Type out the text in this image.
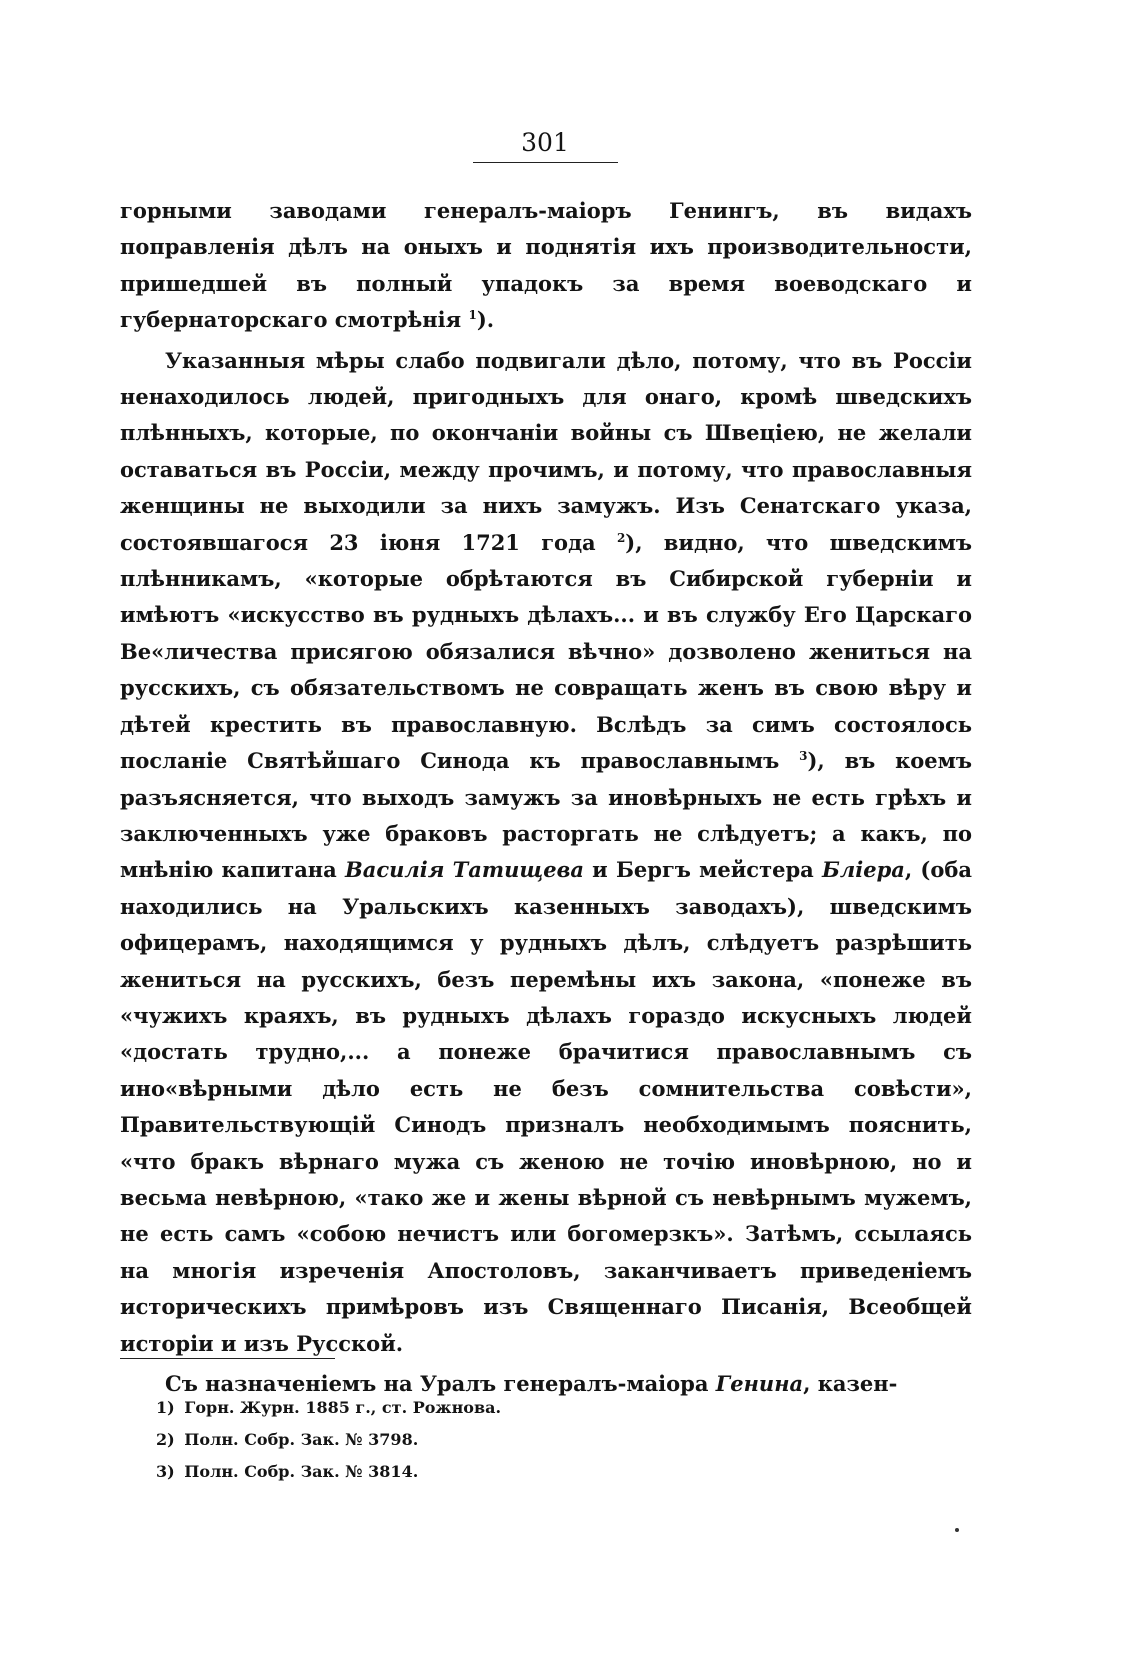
301

горными заводами генералъ-маіоръ Генингъ, въ видахъ поправленія дѣлъ на оныхъ и поднятія ихъ производительности, пришедшей въ полный упадокъ за время воеводскаго и губернаторскаго смотрѣнія $^1$).

Указанныя мѣры слабо подвигали дѣло, потому, что въ Россіи ненаходилось людей, пригодныхъ для онаго, кромѣ шведскихъ плѣнныхъ, которые, по окончаніи войны съ Швеціею, не желали оставаться въ Россіи, между прочимъ, и потому, что православныя женщины не выходили за нихъ замужъ. Изъ Сенатскаго указа, состоявшагося 23 іюня 1721 года $^2$), видно, что шведскимъ плѣнникамъ, «которые обрѣтаются въ Сибирской губерніи и имѣютъ «искусство въ рудныхъ дѣлахъ... и въ службу Его Царскаго Ве«личества присягою обязалися вѣчно» дозволено жениться на русскихъ, съ обязательствомъ не совращать женъ въ свою вѣру и дѣтей крестить въ православную. Вслѣдъ за симъ состоялось посланіе Святѣйшаго Синода къ православнымъ $^3$), въ коемъ разъясняется, что выходъ замужъ за иновѣрныхъ не есть грѣхъ и заключенныхъ уже браковъ расторгать не слѣдуетъ; а какъ, по мнѣнію капитана Василія Татищева и Бергъ мейстера Блiера, (оба находились на Уральскихъ казенныхъ заводахъ), шведскимъ офицерамъ, находящимся у рудныхъ дѣлъ, слѣдуетъ разрѣшить жениться на русскихъ, безъ перемѣны ихъ закона, «понеже въ «чужихъ краяхъ, въ рудныхъ дѣлахъ гораздо искусныхъ людей «достать трудно,... а понеже брачитися православнымъ съ ино«вѣрными дѣло есть не безъ сомнительства совѣсти», Правительствующій Синодъ призналъ необходимымъ пояснить, «что бракъ вѣрнаго мужа съ женою не точію иновѣрною, но и весьма невѣрною, «тако же и жены вѣрной съ невѣрнымъ мужемъ, не есть самъ «собою нечистъ или богомерзкъ». Затѣмъ, ссылаясь на многія изреченія Апостоловъ, заканчиваетъ приведеніемъ историческихъ примѣровъ изъ Священнаго Писанія, Всеобщей исторіи и изъ Русской.

Съ назначеніемъ на Уралъ генералъ-маіора Генина, казен-

1) Горн. Журн. 1885 г., ст. Рожнова.

2) Полн. Собр. Зак. № 3798.

3) Полн. Собр. Зак. № 3814.
